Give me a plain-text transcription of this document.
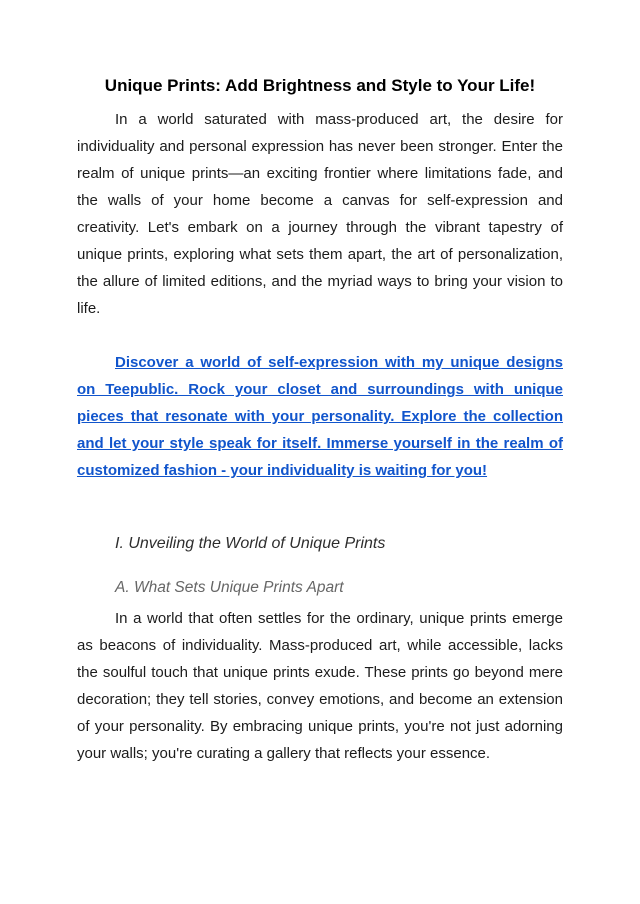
Unique Prints: Add Brightness and Style to Your Life!

In a world saturated with mass-produced art, the desire for individuality and personal expression has never been stronger. Enter the realm of unique prints—an exciting frontier where limitations fade, and the walls of your home become a canvas for self-expression and creativity. Let's embark on a journey through the vibrant tapestry of unique prints, exploring what sets them apart, the art of personalization, the allure of limited editions, and the myriad ways to bring your vision to life.

Discover a world of self-expression with my unique designs on Teepublic. Rock your closet and surroundings with unique pieces that resonate with your personality. Explore the collection and let your style speak for itself. Immerse yourself in the realm of customized fashion - your individuality is waiting for you!

I. Unveiling the World of Unique Prints
A. What Sets Unique Prints Apart

In a world that often settles for the ordinary, unique prints emerge as beacons of individuality. Mass-produced art, while accessible, lacks the soulful touch that unique prints exude. These prints go beyond mere decoration; they tell stories, convey emotions, and become an extension of your personality. By embracing unique prints, you're not just adorning your walls; you're curating a gallery that reflects your essence.
